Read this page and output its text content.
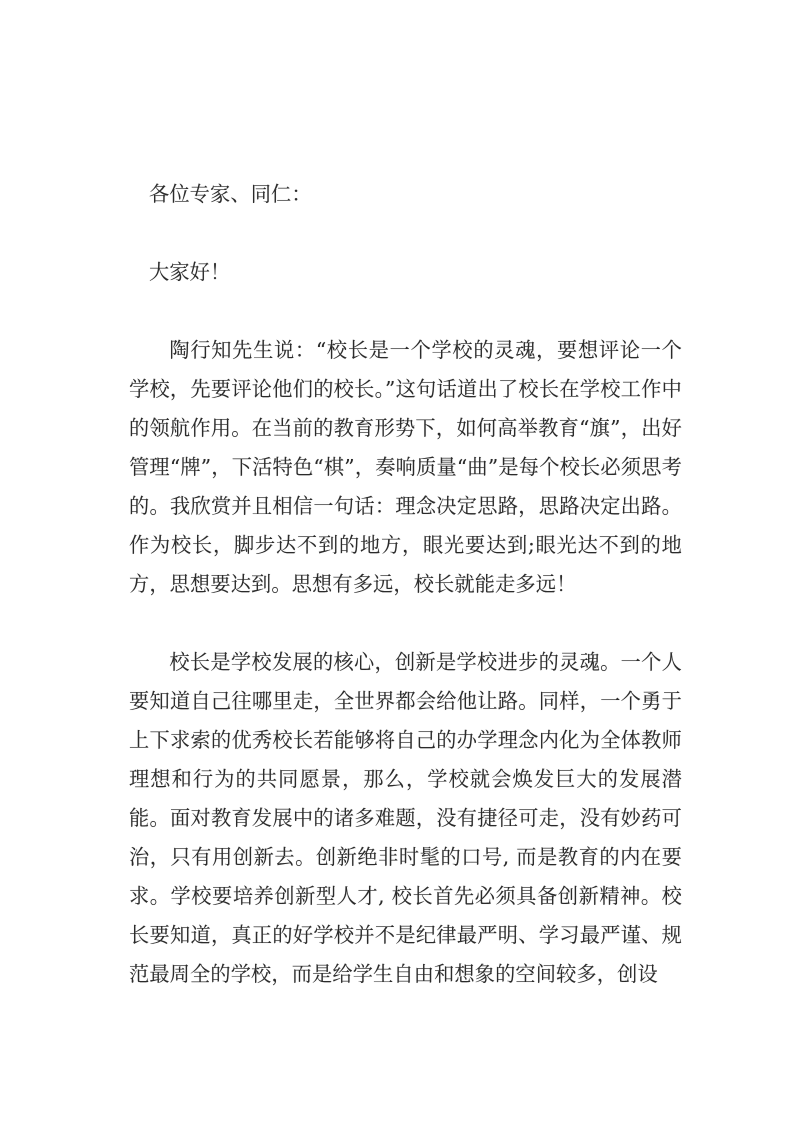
各位专家、同仁：

大家好！

陶行知先生说：“校长是一个学校的灵魂，要想评论一个学校，先要评论他们的校长。”这句话道出了校长在学校工作中的领航作用。在当前的教育形势下，如何高举教育“旗”，出好管理“牌”，下活特色“棋”，奏响质量“曲”是每个校长必须思考的。我欣赏并且相信一句话：理念决定思路，思路决定出路。作为校长，脚步达不到的地方，眼光要达到;眼光达不到的地方，思想要达到。思想有多远，校长就能走多远！

校长是学校发展的核心，创新是学校进步的灵魂。一个人要知道自己往哪里走，全世界都会给他让路。同样，一个勇于上下求索的优秀校长若能够将自己的办学理念内化为全体教师理想和行为的共同愿景，那么，学校就会焕发巨大的发展潜能。面对教育发展中的诸多难题，没有捷径可走，没有妙药可治，只有用创新去。创新绝非时髦的口号, 而是教育的内在要求。学校要培养创新型人才, 校长首先必须具备创新精神。校长要知道，真正的好学校并不是纪律最严明、学习最严谨、规范最周全的学校，而是给学生自由和想象的空间较多，创设
